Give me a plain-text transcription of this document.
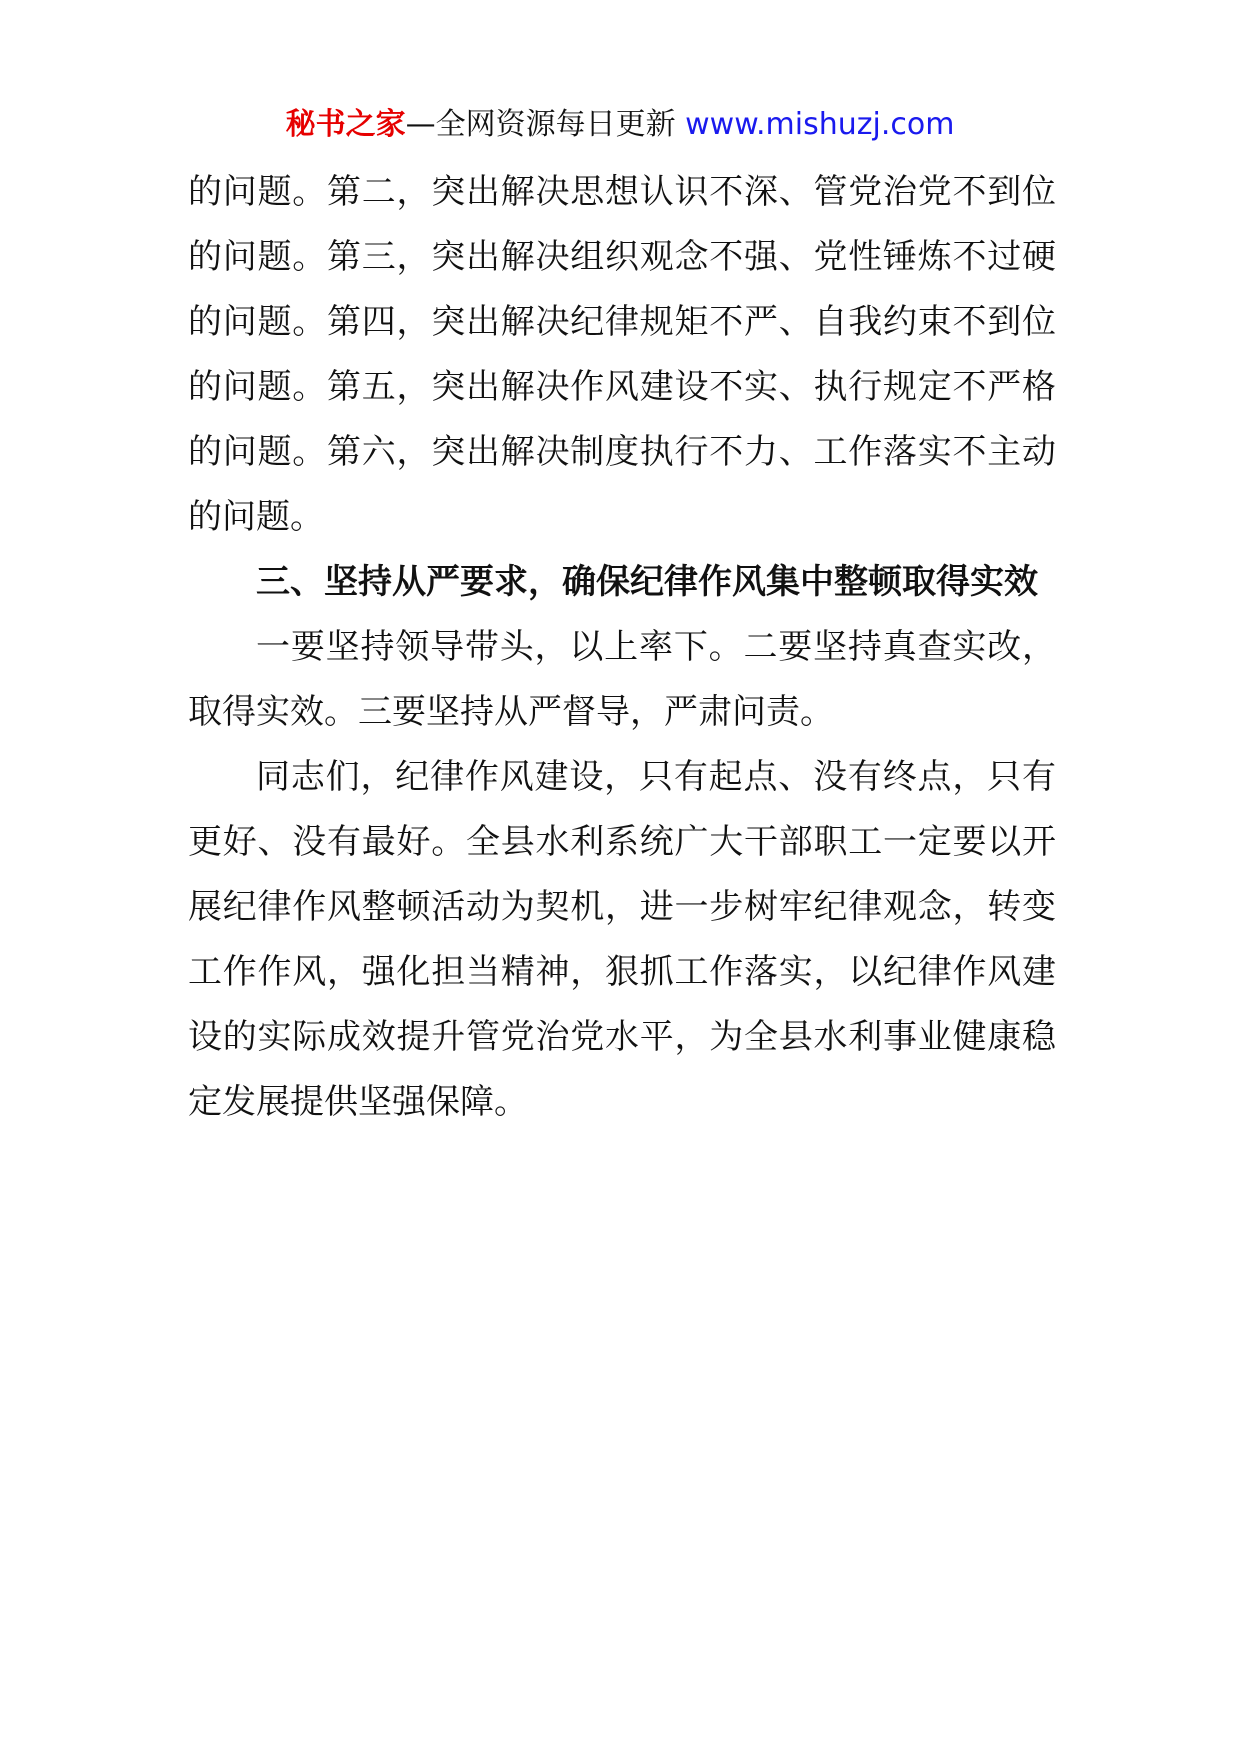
秘书之家—全网资源每日更新 www.mishuzj.com
的问题。第二，突出解决思想认识不深、管党治党不到位
的问题。第三，突出解决组织观念不强、党性锤炼不过硬
的问题。第四，突出解决纪律规矩不严、自我约束不到位
的问题。第五，突出解决作风建设不实、执行规定不严格
的问题。第六，突出解决制度执行不力、工作落实不主动
的问题。
三、坚持从严要求，确保纪律作风集中整顿取得实效
一要坚持领导带头，以上率下。二要坚持真查实改，
取得实效。三要坚持从严督导，严肃问责。
同志们，纪律作风建设，只有起点、没有终点，只有
更好、没有最好。全县水利系统广大干部职工一定要以开
展纪律作风整顿活动为契机，进一步树牢纪律观念，转变
工作作风，强化担当精神，狠抓工作落实，以纪律作风建
设的实际成效提升管党治党水平，为全县水利事业健康稳
定发展提供坚强保障。
